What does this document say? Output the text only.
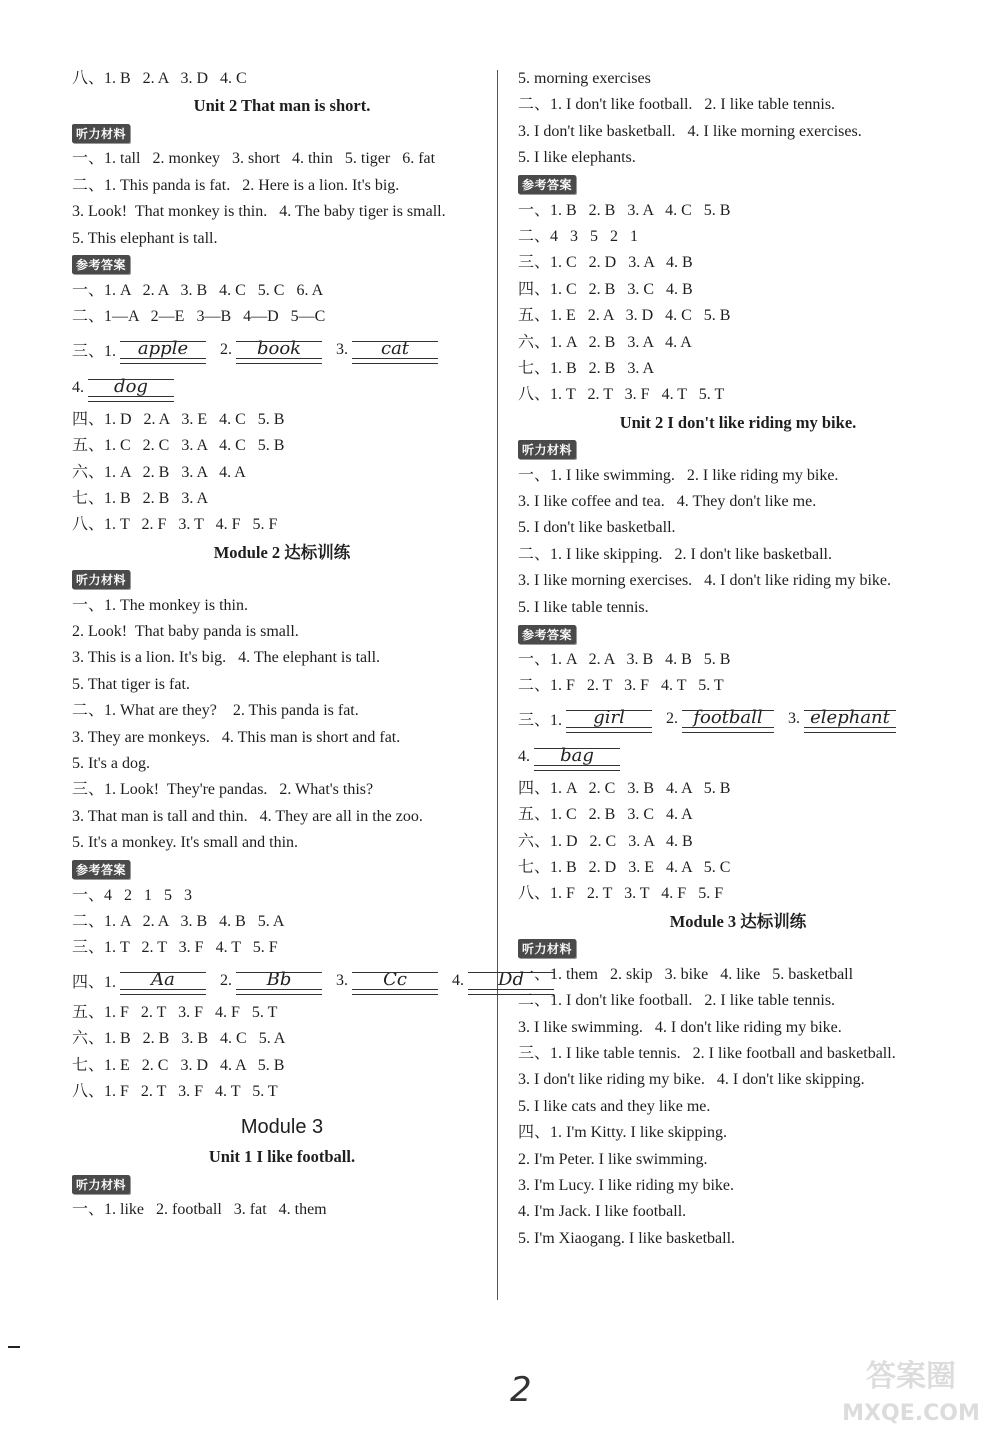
八、1. B   2. A   3. D   4. C
Unit 2 That man is short.
听力材料
一、1. tall   2. monkey   3. short   4. thin   5. tiger   6. fat
二、1. This panda is fat.   2. Here is a lion. It's big.
3. Look!  That monkey is thin.   4. The baby tiger is small.
5. This elephant is tall.
参考答案
一、1. A   2. A   3. B   4. C   5. C   6. A
二、1—A   2—E   3—B   4—D   5—C
三、1.	apple	2.	book	3.	cat
4.	dog
四、1. D   2. A   3. E   4. C   5. B
五、1. C   2. C   3. A   4. C   5. B
六、1. A   2. B   3. A   4. A
七、1. B   2. B   3. A
八、1. T   2. F   3. T   4. F   5. F
Module 2 达标训练
听力材料
一、1. The monkey is thin.
2. Look!  That baby panda is small.
3. This is a lion. It's big.   4. The elephant is tall.
5. That tiger is fat.
二、1. What are they?    2. This panda is fat.
3. They are monkeys.   4. This man is short and fat.
5. It's a dog.
三、1. Look!  They're pandas.   2. What's this?
3. That man is tall and thin.   4. They are all in the zoo.
5. It's a monkey. It's small and thin.
参考答案
一、4   2   1   5   3
二、1. A   2. A   3. B   4. B   5. A
三、1. T   2. T   3. F   4. T   5. F
四、1.	Aa	2.	Bb	3.	Cc	4.	Dd
五、1. F   2. T   3. F   4. F   5. T
六、1. B   2. B   3. B   4. C   5. A
七、1. E   2. C   3. D   4. A   5. B
八、1. F   2. T   3. F   4. T   5. T
Module 3
Unit 1 I like football.
听力材料
一、1. like   2. football   3. fat   4. them
5. morning exercises
二、1. I don't like football.   2. I like table tennis.
3. I don't like basketball.   4. I like morning exercises.
5. I like elephants.
参考答案
一、1. B   2. B   3. A   4. C   5. B
二、4   3   5   2   1
三、1. C   2. D   3. A   4. B
四、1. C   2. B   3. C   4. B
五、1. E   2. A   3. D   4. C   5. B
六、1. A   2. B   3. A   4. A
七、1. B   2. B   3. A
八、1. T   2. T   3. F   4. T   5. T
Unit 2 I don't like riding my bike.
听力材料
一、1. I like swimming.   2. I like riding my bike.
3. I like coffee and tea.   4. They don't like me.
5. I don't like basketball.
二、1. I like skipping.   2. I don't like basketball.
3. I like morning exercises.   4. I don't like riding my bike.
5. I like table tennis.
参考答案
一、1. A   2. A   3. B   4. B   5. B
二、1. F   2. T   3. F   4. T   5. T
三、1.	girl	2. football	3. elephant
4.	bag
四、1. A   2. C   3. B   4. A   5. B
五、1. C   2. B   3. C   4. A
六、1. D   2. C   3. A   4. B
七、1. B   2. D   3. E   4. A   5. C
八、1. F   2. T   3. T   4. F   5. F
Module 3 达标训练
听力材料
一、1. them   2. skip   3. bike   4. like   5. basketball
二、1. I don't like football.   2. I like table tennis.
3. I like swimming.   4. I don't like riding my bike.
三、1. I like table tennis.   2. I like football and basketball.
3. I don't like riding my bike.   4. I don't like skipping.
5. I like cats and they like me.
四、1. I'm Kitty. I like skipping.
2. I'm Peter. I like swimming.
3. I'm Lucy. I like riding my bike.
4. I'm Jack. I like football.
5. I'm Xiaogang. I like basketball.
2	答案圈
MXQE.COM
